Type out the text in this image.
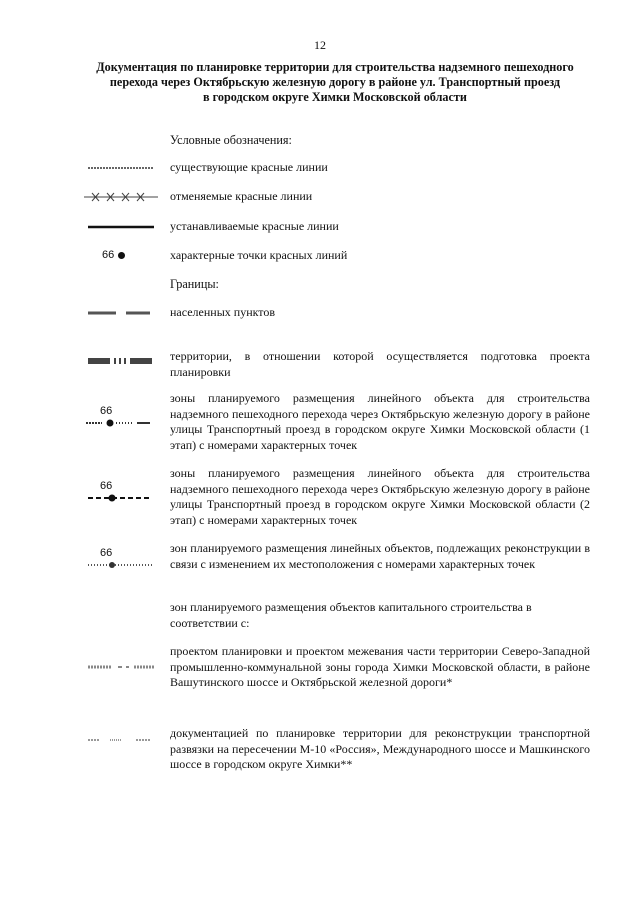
12
Документация по планировке территории для строительства надземного пешеходного
перехода через Октябрьскую железную дорогу в районе ул. Транспортный проезд
в городском округе Химки Московской области
Условные обозначения:
существующие красные линии
отменяемые красные линии
устанавливаемые красные линии
66	характерные точки красных линий
Границы:
населенных пунктов
территории, в отношении которой осуществляется подготовка проекта планировки
66
зоны планируемого размещения линейного объекта для строительства надземного пешеходного перехода через Октябрьскую железную дорогу в районе улицы Транспортный проезд в городском округе Химки Московской области (1 этап) с номерами характерных точек
66
зоны планируемого размещения линейного объекта для строительства надземного пешеходного перехода через Октябрьскую железную дорогу в районе улицы Транспортный проезд в городском округе Химки Московской области (2 этап) с номерами характерных точек
66	зон планируемого размещения линейных объектов, подлежащих реконструкции в связи с изменением их местоположения с номерами характерных точек
зон планируемого размещения объектов капитального строительства в соответствии с:
проектом планировки и проектом межевания части территории Северо-Западной промышленно-коммунальной зоны города Химки Московской области, в районе Вашутинского шоссе и Октябрьской железной дороги*
документацией по планировке территории для реконструкции транспортной развязки на пересечении М-10 «Россия», Международного шоссе и Машкинского шоссе в городском округе Химки**
